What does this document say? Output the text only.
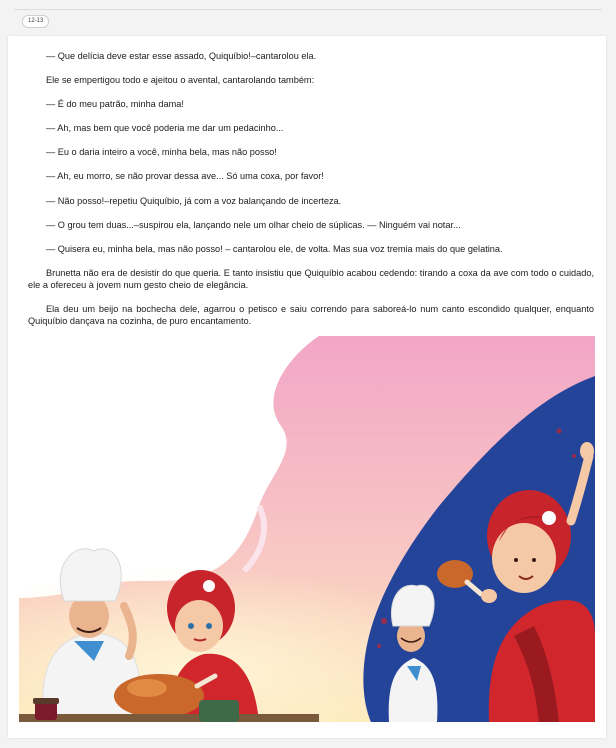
12-13

— Que delícia deve estar esse assado, Quiquíbio!–cantarolou ela.

Ele se empertigou todo e ajeitou o avental, cantarolando também:

— É do meu patrão, minha dama!

— Ah, mas bem que você poderia me dar um pedacinho...

— Eu o daria inteiro a você, minha bela, mas não posso!

— Ah, eu morro, se não provar dessa ave... Só uma coxa, por favor!

— Não posso!–repetiu Quiquíbio, já com a voz balançando de incerteza.

— O grou tem duas...–suspirou ela, lançando nele um olhar cheio de súplicas. — Ninguém vai notar...

— Quisera eu, minha bela, mas não posso! – cantarolou ele, de volta. Mas sua voz tremia mais do que gelatina.

Brunetta não era de desistir do que queria. E tanto insistiu que Quiquíbio acabou cedendo: tirando a coxa da ave com todo o cuidado, ele a ofereceu à jovem num gesto cheio de elegância.

Ela deu um beijo na bochecha dele, agarrou o petisco e saiu correndo para saboreá-lo num canto escondido qualquer, enquanto Quiquíbio dançava na cozinha, de puro encantamento.
